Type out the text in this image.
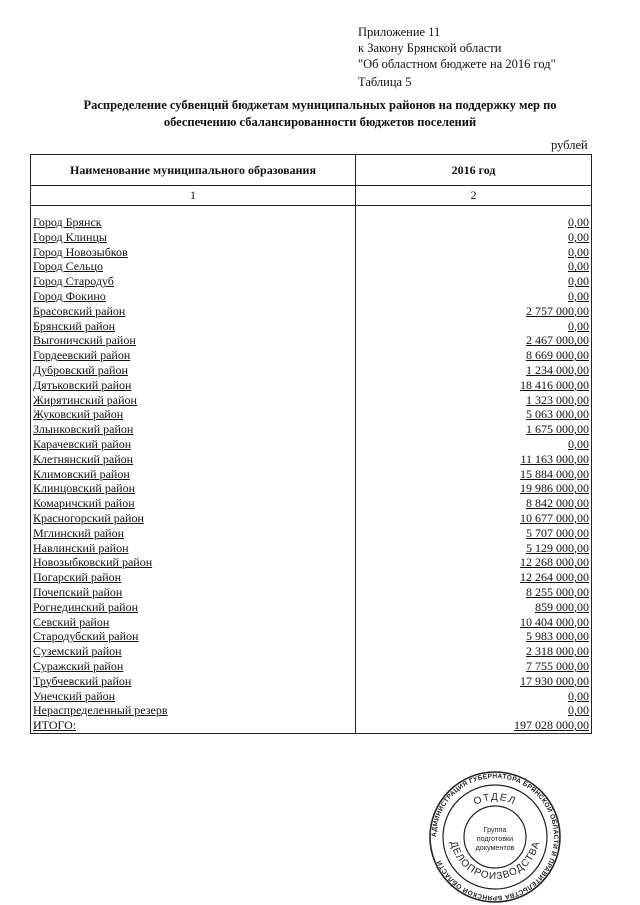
Приложение 11
к Закону Брянской области
"Об областном бюджете на 2016 год"
Таблица 5
Распределение субвенций бюджетам муниципальных районов на поддержку мер по
обеспечению сбалансированности бюджетов поселений
рублей
Наименование муниципального образования	2016 год
1	2

Город Брянск	0,00
Город Клинцы	0,00
Город Новозыбков	0,00
Город Сельцо	0,00
Город Стародуб	0,00
Город Фокино	0,00
Брасовский район	2 757 000,00
Брянский район	0,00
Выгоничский район	2 467 000,00
Гордеевский район	8 669 000,00
Дубровский район	1 234 000,00
Дятьковский район	18 416 000,00
Жирятинский район	1 323 000,00
Жуковский район	5 063 000,00
Злынковский район	1 675 000,00
Карачевский район	0,00
Клетнянский район	11 163 000,00
Климовский район	15 884 000,00
Клинцовский район	19 986 000,00
Комаричский район	8 842 000,00
Красногорский район	10 677 000,00
Мглинский район	5 707 000,00
Навлинский район	5 129 000,00
Новозыбковский район	12 268 000,00
Погарский район	12 264 000,00
Почепский район	8 255 000,00
Рогнединский район	859 000,00
Севский район	10 404 000,00
Стародубский район	5 983 000,00
Суземский район	2 318 000,00
Суражский район	7 755 000,00
Трубчевский район	17 930 000,00
Унечский район	0,00
Нераспределенный резерв	0,00
ИТОГО:	197 028 000,00
АДМИНИСТРАЦИЯ ГУБЕРНАТОРА БРЯНСКОЙ ОБЛАСТИ И ПРАВИТЕЛЬСТВА БРЯНСКОЙ ОБЛАСТИ
ОТДЕЛ
ДЕЛОПРОИЗВОДСТВА
Группа
подготовки
документов
